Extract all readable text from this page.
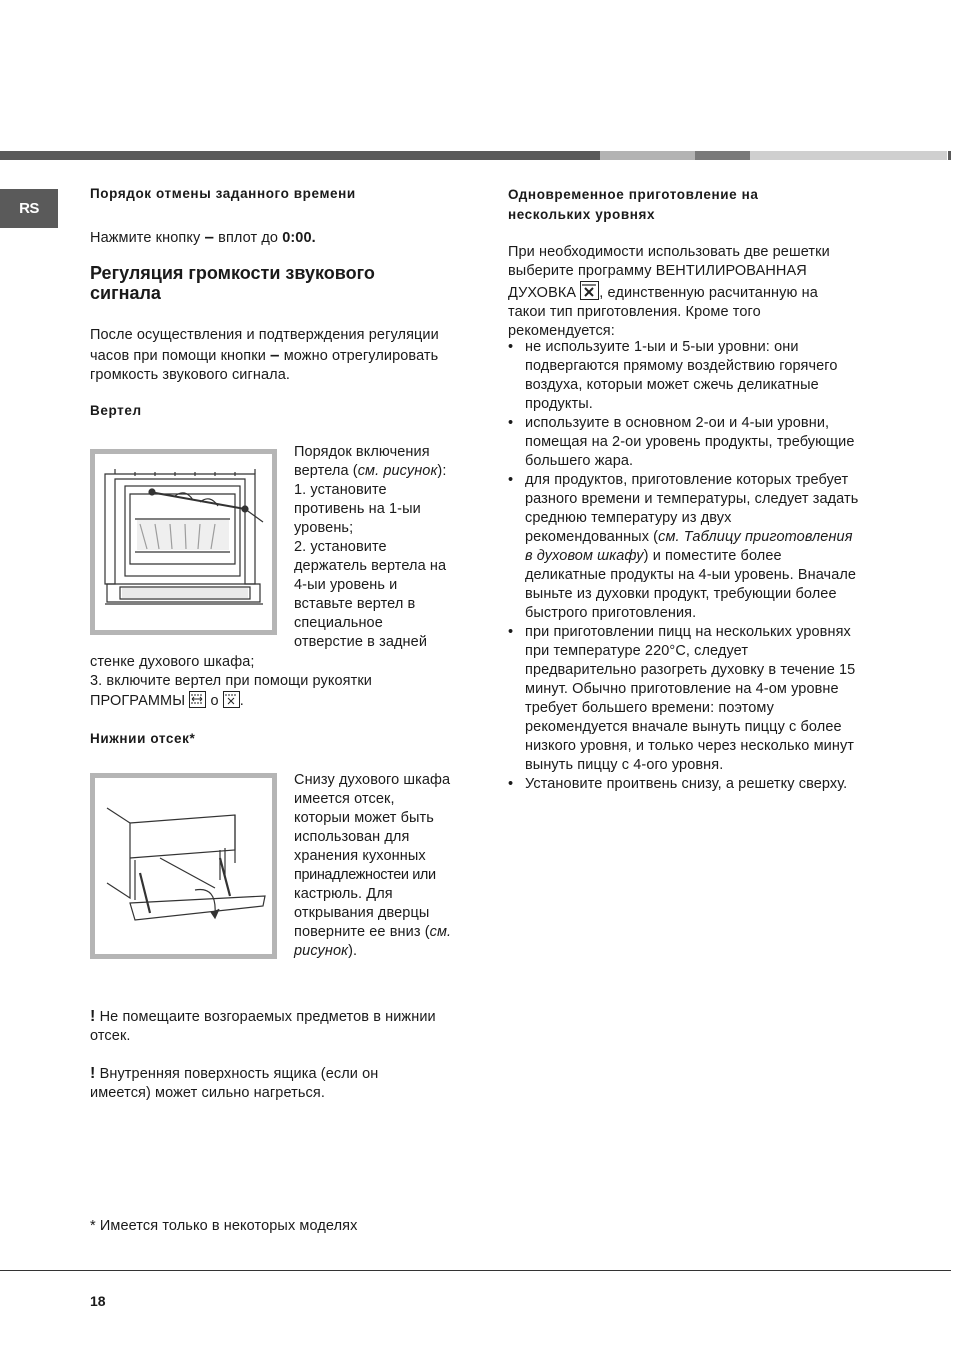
RS
Порядок отмены заданного времени
Нажмите кнопку – вплот до 0:00.
Регуляция громкости звукового
сигнала
После осуществления и подтверждения регуляции
часов при помощи кнопки – можно отрегулировать
громкость звукового сигнала.
Вертел
Порядок включения
вертела (см. рисунок):
1. установите
противень на 1-ыи
уровень;
2. установите
держатель вертела на
4-ыи уровень и
вставьте вертел в
специальное
отверстие в задней
стенке духового шкафа;
3. включите вертел при помощи рукоятки
ПРОГРАММЫ о .
Нижнии отсек*
Снизу духового шкафа
имеется отсек,
которыи может быть
использован для
хранения кухонных
принадлежностеи или
кастрюль. Для
открывания дверцы
поверните ее вниз (см.
рисунок).
! Не помещаите возгораемых предметов в нижнии
отсек.
! Внутренняя поверхность ящика (если он
имеется) может сильно нагреться.
* Имеется только в некоторых моделях
Одновременное приготовление на
нескольких уровнях
При необходимости использовать две решетки
выберите программу ВЕНТИЛИРОВАННАЯ
ДУХОВКА , единственную расчитанную на
такои тип приготовления. Кроме того
рекомендуется:
• не используите 1-ыи и 5-ыи уровни: они
подвергаются прямому воздействию горячего
воздуха, которыи может сжечь деликатные
продукты.
• используите в основном 2-ои и 4-ыи уровни,
помещая на 2-ои уровень продукты, требующие
большего жара.
• для продуктов, приготовление которых требует
разного времени и температуры, следует задать
среднюю температуру из двух
рекомендованных (см. Таблицу приготовления
в духовом шкафу) и поместите более
деликатные продукты на 4-ыи уровень. Вначале
выньте из духовки продукт, требующии более
быстрого приготовления.
• при приготовлении пицц на нескольких уровнях
при температуре 220°С, следует
предварительно разогреть духовку в течение 15
минут. Обычно приготовление на 4-ом уровне
требует большего времени: поэтому
рекомендуется вначале вынуть пиццу с более
низкого уровня, и только через несколько минут
вынуть пиццу с 4-ого уровня.
• Установите проитвень снизу, а решетку сверху.
18
